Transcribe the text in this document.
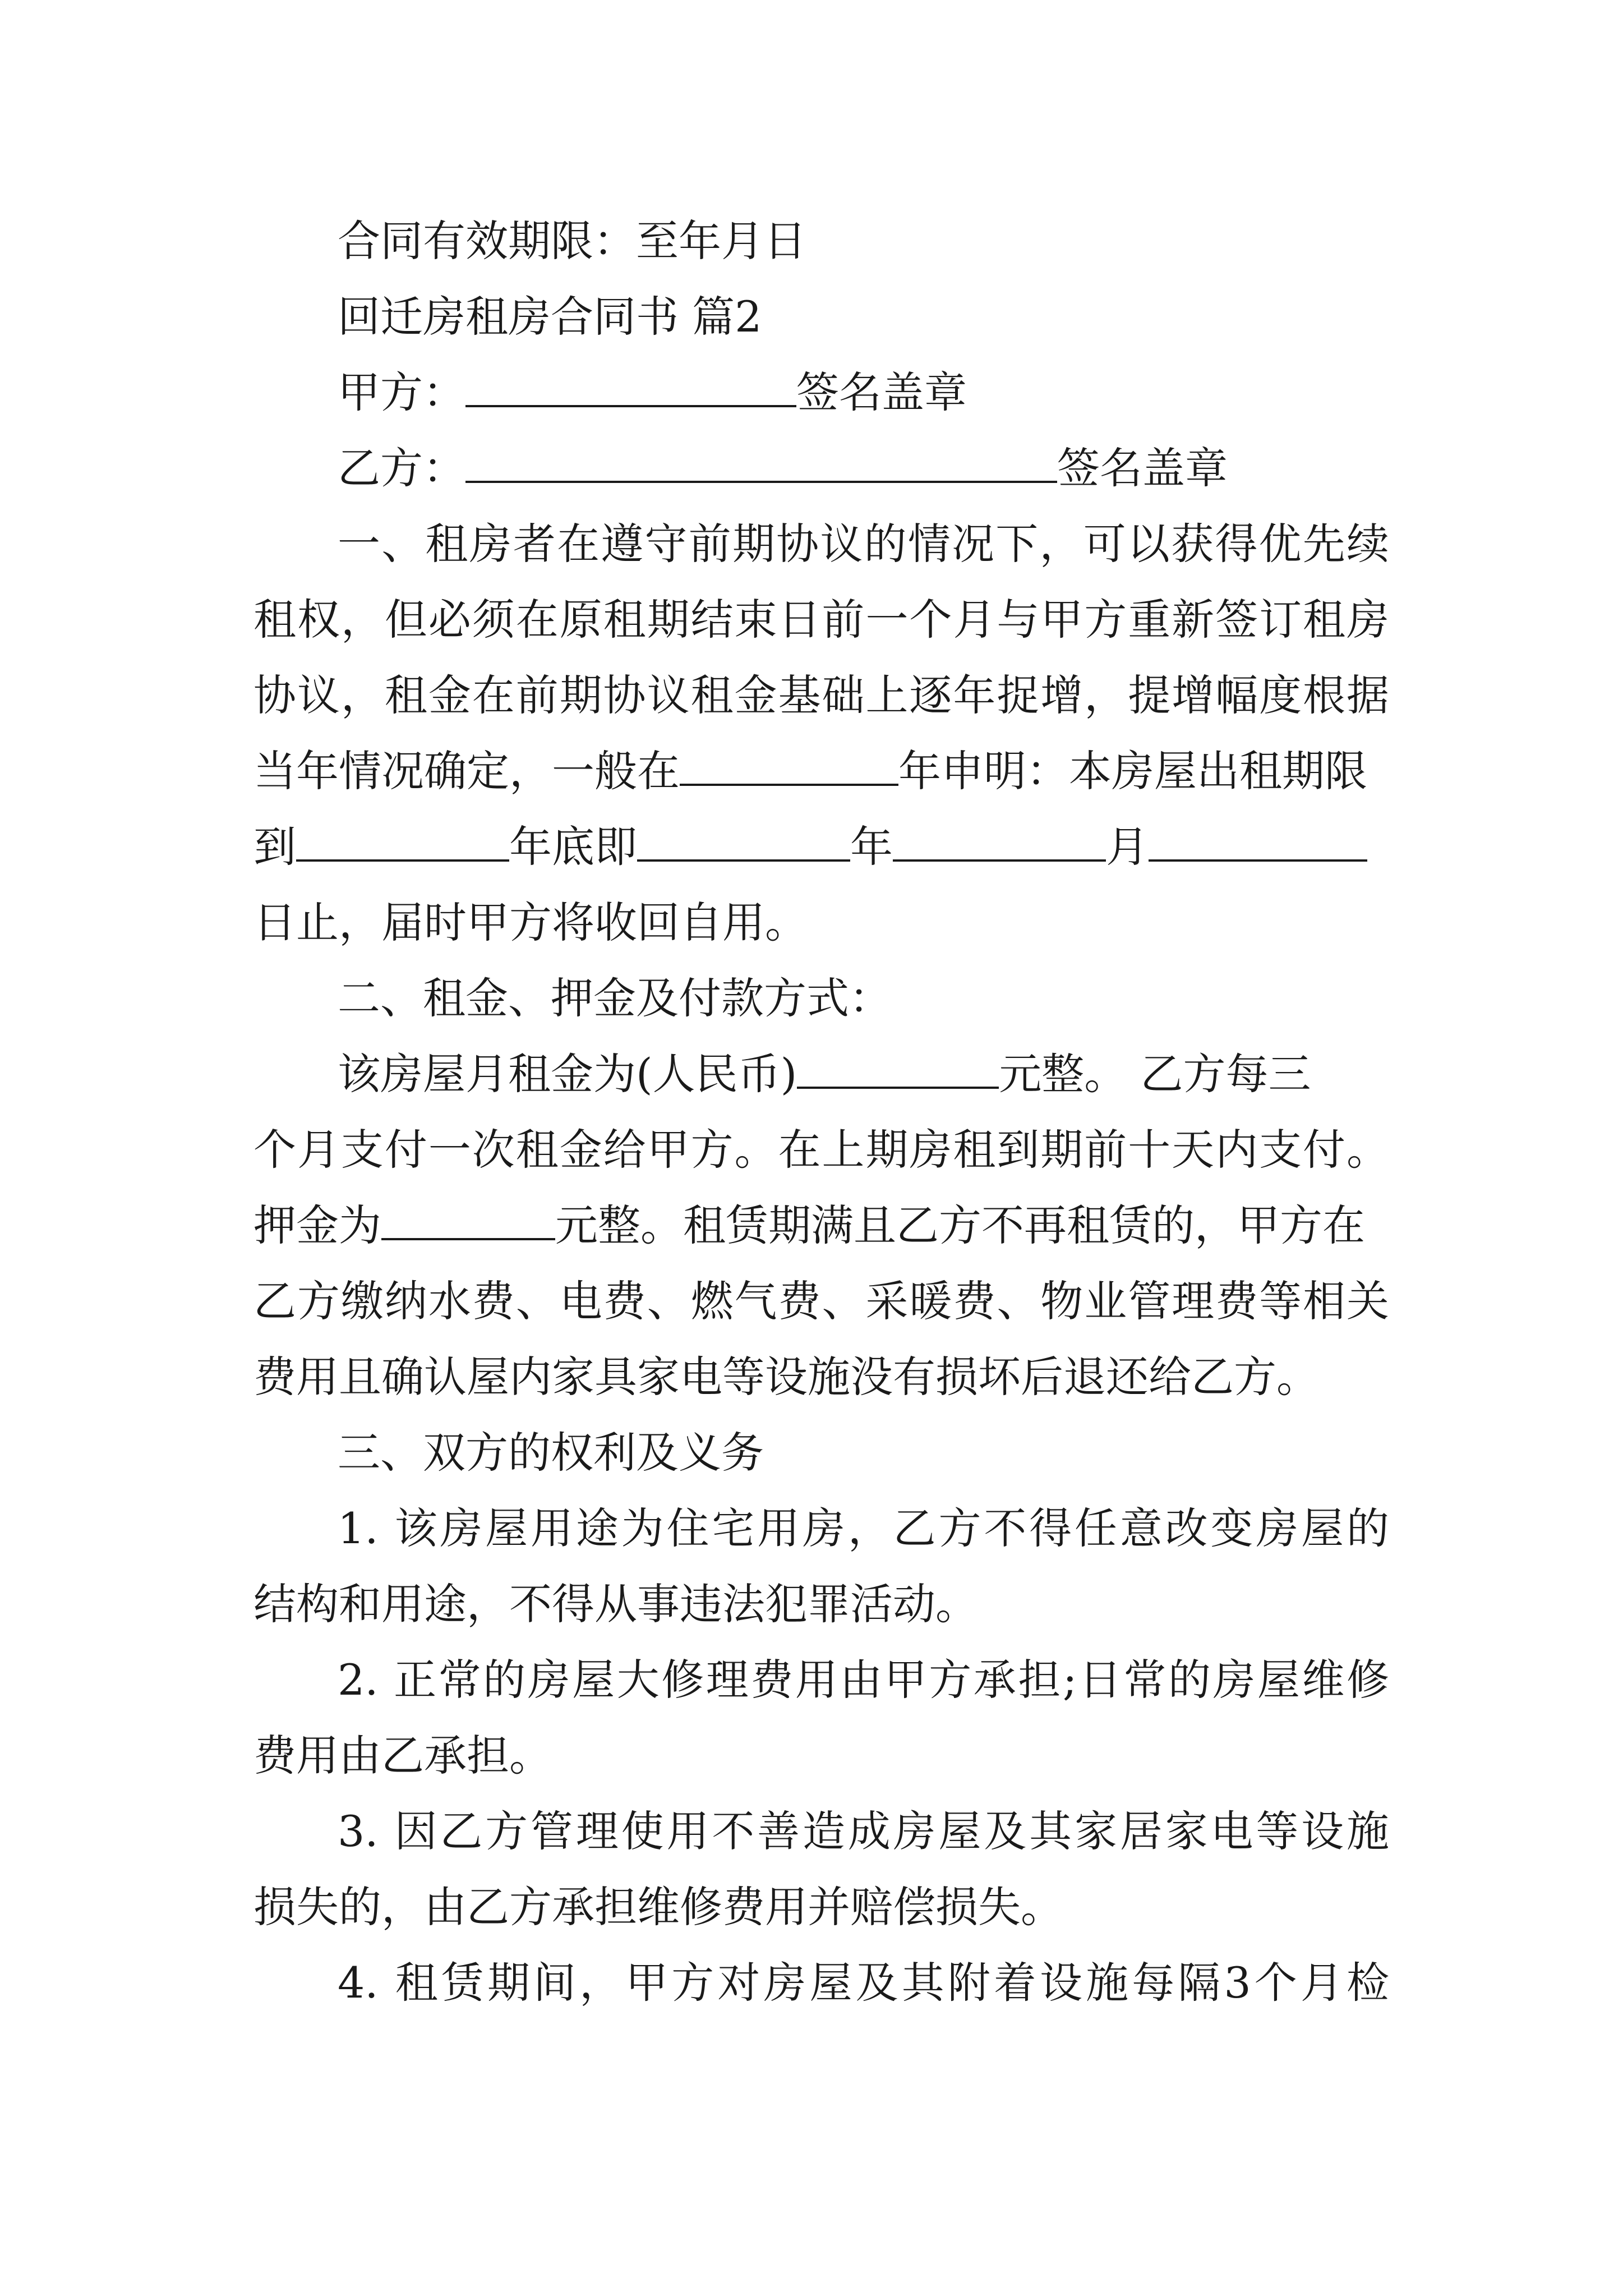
合同有效期限：至年月日
回迁房租房合同书 篇2
甲方：	签名盖章
乙方：	签名盖章
一、租房者在遵守前期协议的情况下，可以获得优先续
租权，但必须在原租期结束日前一个月与甲方重新签订租房
协议，租金在前期协议租金基础上逐年捉增，提增幅度根据
当年情况确定，一般在	年申明：本房屋出租期限
到	年底即	年	月
日止，届时甲方将收回自用。
二、租金、押金及付款方式：
该房屋月租金为(人民币)	元整。 乙方每三
个月支付一次租金给甲方。在上期房租到期前十天内支付。
押金为	元整。租赁期满且乙方不再租赁的，甲方在
乙方缴纳水费、电费、燃气费、采暖费、物业管理费等相关
费用且确认屋内家具家电等设施没有损坏后退还给乙方。
三、双方的权利及义务
1. 该房屋用途为住宅用房，乙方不得任意改变房屋的
结构和用途，不得从事违法犯罪活动。
2. 正常的房屋大修理费用由甲方承担;日常的房屋维修
费用由乙承担。
3. 因乙方管理使用不善造成房屋及其家居家电等设施
损失的，由乙方承担维修费用并赔偿损失。
4. 租赁期间，甲方对房屋及其附着设施每隔3个月检
